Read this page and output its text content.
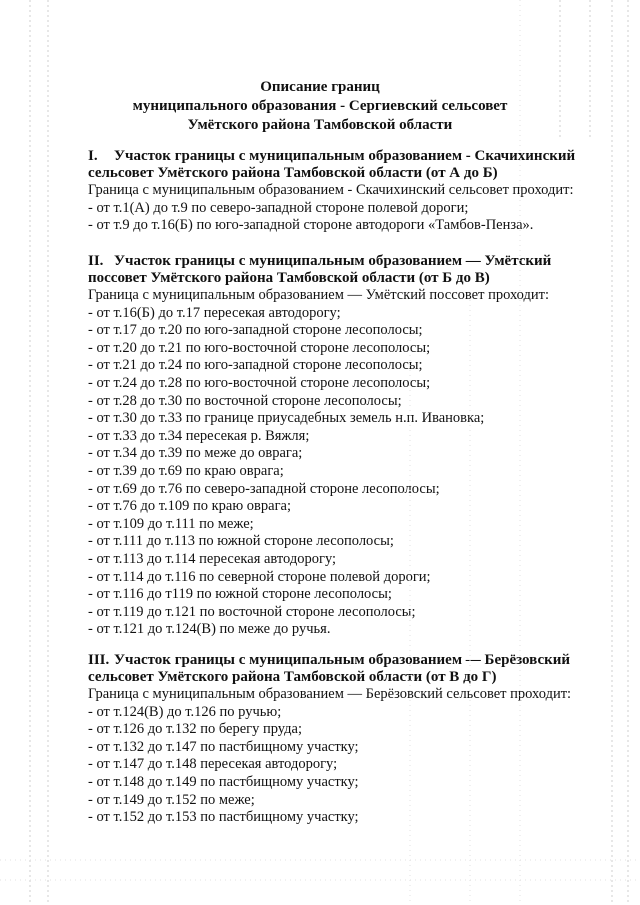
Описание границ
муниципального образования - Сергиевский сельсовет
Умётского района Тамбовской области
I. Участок границы с муниципальным образованием - Скачихинский
сельсовет Умётского района Тамбовской области (от А до Б)
Граница с муниципальным образованием - Скачихинский сельсовет проходит:
- от т.1(А) до т.9 по северо-западной стороне полевой дороги;
- от т.9 до т.16(Б) по юго-западной стороне автодороги «Тамбов-Пенза».
II. Участок границы с муниципальным образованием — Умётский
поссовет Умётского района Тамбовской области (от Б до В)
Граница с муниципальным образованием — Умётский поссовет проходит:
- от т.16(Б) до т.17 пересекая автодорогу;
- от т.17 до т.20 по юго-западной стороне лесополосы;
- от т.20 до т.21 по юго-восточной стороне лесополосы;
- от т.21 до т.24 по юго-западной стороне лесополосы;
- от т.24 до т.28 по юго-восточной стороне лесополосы;
- от т.28 до т.30 по восточной стороне лесополосы;
- от т.30 до т.33 по границе приусадебных земель н.п. Ивановка;
- от т.33 до т.34 пересекая р. Вяжля;
- от т.34 до т.39 по меже до оврага;
- от т.39 до т.69 по краю оврага;
- от т.69 до т.76 по северо-западной стороне лесополосы;
- от т.76 до т.109 по краю оврага;
- от т.109 до т.111 по меже;
- от т.111 до т.113 по южной стороне лесополосы;
- от т.113 до т.114 пересекая автодорогу;
- от т.114 до т.116 по северной стороне полевой дороги;
- от т.116 до т119 по южной стороне лесополосы;
- от т.119 до т.121 по восточной стороне лесополосы;
- от т.121 до т.124(В) по меже до ручья.
III. Участок границы с муниципальным образованием — Берёзовский
сельсовет Умётского района Тамбовской области (от В до Г)
Граница с муниципальным образованием — Берёзовский сельсовет проходит:
- от т.124(В) до т.126 по ручью;
- от т.126 до т.132 по берегу пруда;
- от т.132 до т.147 по пастбищному участку;
- от т.147 до т.148 пересекая автодорогу;
- от т.148 до т.149 по пастбищному участку;
- от т.149 до т.152 по меже;
- от т.152 до т.153 по пастбищному участку;
